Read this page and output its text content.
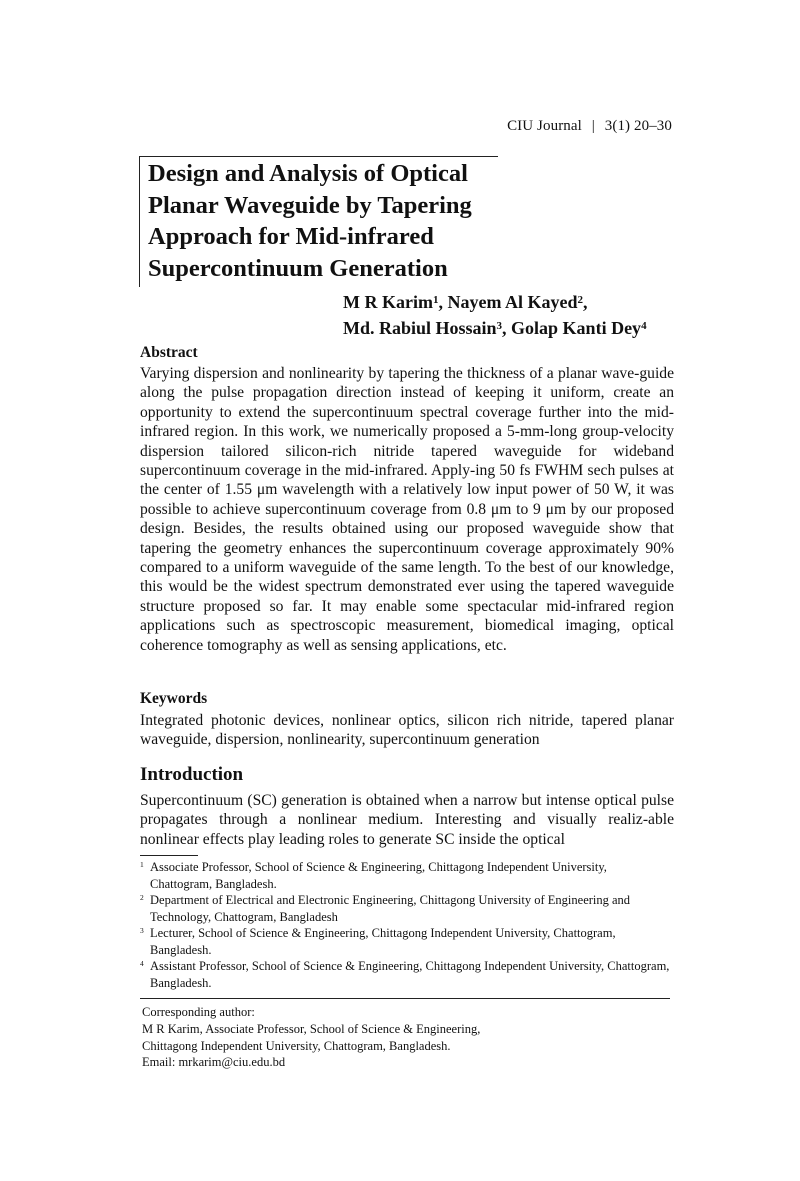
CIU Journal | 3(1) 20–30
Design and Analysis of Optical
Planar Waveguide by Tapering
Approach for Mid-infrared
Supercontinuum Generation
M R Karim$^1$, Nayem Al Kayed$^2$,
Md. Rabiul Hossain$^3$, Golap Kanti Dey$^4$
Abstract
Varying dispersion and nonlinearity by tapering the thickness of a planar wave-guide along the pulse propagation direction instead of keeping it uniform, create an opportunity to extend the supercontinuum spectral coverage further into the mid-infrared region. In this work, we numerically proposed a 5-mm-long group-velocity dispersion tailored silicon-rich nitride tapered waveguide for wideband supercontinuum coverage in the mid-infrared. Apply-ing 50 fs FWHM sech pulses at the center of 1.55 μm wavelength with a relatively low input power of 50 W, it was possible to achieve supercontinuum coverage from 0.8 μm to 9 μm by our proposed design. Besides, the results obtained using our proposed waveguide show that tapering the geometry enhances the supercontinuum coverage approximately 90% compared to a uniform waveguide of the same length. To the best of our knowledge, this would be the widest spectrum demonstrated ever using the tapered waveguide structure proposed so far. It may enable some spectacular mid-infrared region applications such as spectroscopic measurement, biomedical imaging, optical coherence tomography as well as sensing applications, etc.
Keywords
Integrated photonic devices, nonlinear optics, silicon rich nitride, tapered planar waveguide, dispersion, nonlinearity, supercontinuum generation
Introduction
Supercontinuum (SC) generation is obtained when a narrow but intense optical pulse propagates through a nonlinear medium. Interesting and visually realiz-able nonlinear effects play leading roles to generate SC inside the optical
1 Associate Professor, School of Science & Engineering, Chittagong Independent University, Chattogram, Bangladesh.
2 Department of Electrical and Electronic Engineering, Chittagong University of Engineering and Technology, Chattogram, Bangladesh
3 Lecturer, School of Science & Engineering, Chittagong Independent University, Chattogram, Bangladesh.
4 Assistant Professor, School of Science & Engineering, Chittagong Independent University, Chattogram, Bangladesh.
Corresponding author:
M R Karim, Associate Professor, School of Science & Engineering,
Chittagong Independent University, Chattogram, Bangladesh.
Email: mrkarim@ciu.edu.bd
